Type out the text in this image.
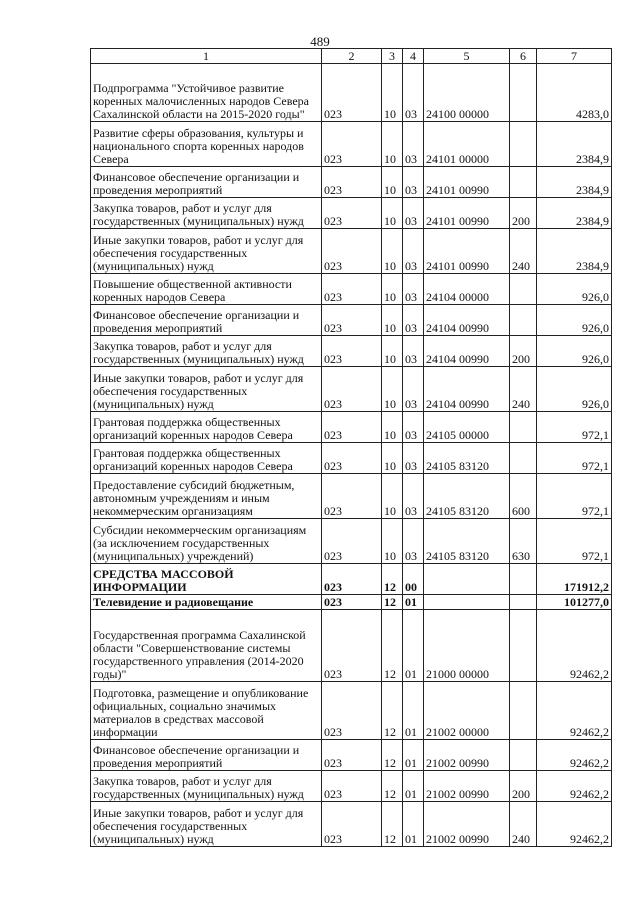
489
1	2	3	4	5	6	7
Подпрограмма "Устойчивое развитие коренных малочисленных народов Севера Сахалинской области на 2015-2020 годы"	023	10	03	24100 00000		4283,0
Развитие сферы образования, культуры и национального спорта коренных народов Севера	023	10	03	24101 00000		2384,9
Финансовое обеспечение организации и проведения мероприятий	023	10	03	24101 00990		2384,9
Закупка товаров, работ и услуг для государственных (муниципальных) нужд	023	10	03	24101 00990	200	2384,9
Иные закупки товаров, работ и услуг для обеспечения государственных (муниципальных) нужд	023	10	03	24101 00990	240	2384,9
Повышение общественной активности коренных народов Севера	023	10	03	24104 00000		926,0
Финансовое обеспечение организации и проведения мероприятий	023	10	03	24104 00990		926,0
Закупка товаров, работ и услуг для государственных (муниципальных) нужд	023	10	03	24104 00990	200	926,0
Иные закупки товаров, работ и услуг для обеспечения государственных (муниципальных) нужд	023	10	03	24104 00990	240	926,0
Грантовая поддержка общественных организаций коренных народов Севера	023	10	03	24105 00000		972,1
Грантовая поддержка общественных организаций коренных народов Севера	023	10	03	24105 83120		972,1
Предоставление субсидий бюджетным, автономным учреждениям и иным некоммерческим организациям	023	10	03	24105 83120	600	972,1
Субсидии некоммерческим организациям (за исключением государственных (муниципальных) учреждений)	023	10	03	24105 83120	630	972,1
СРЕДСТВА МАССОВОЙ ИНФОРМАЦИИ	023	12	00			171912,2
Телевидение и радиовещание	023	12	01			101277,0
Государственная программа Сахалинской области "Совершенствование системы государственного управления (2014-2020 годы)"	023	12	01	21000 00000		92462,2
Подготовка, размещение и опубликование официальных, социально значимых материалов в средствах массовой информации	023	12	01	21002 00000		92462,2
Финансовое обеспечение организации и проведения мероприятий	023	12	01	21002 00990		92462,2
Закупка товаров, работ и услуг для государственных (муниципальных) нужд	023	12	01	21002 00990	200	92462,2
Иные закупки товаров, работ и услуг для обеспечения государственных (муниципальных) нужд	023	12	01	21002 00990	240	92462,2
